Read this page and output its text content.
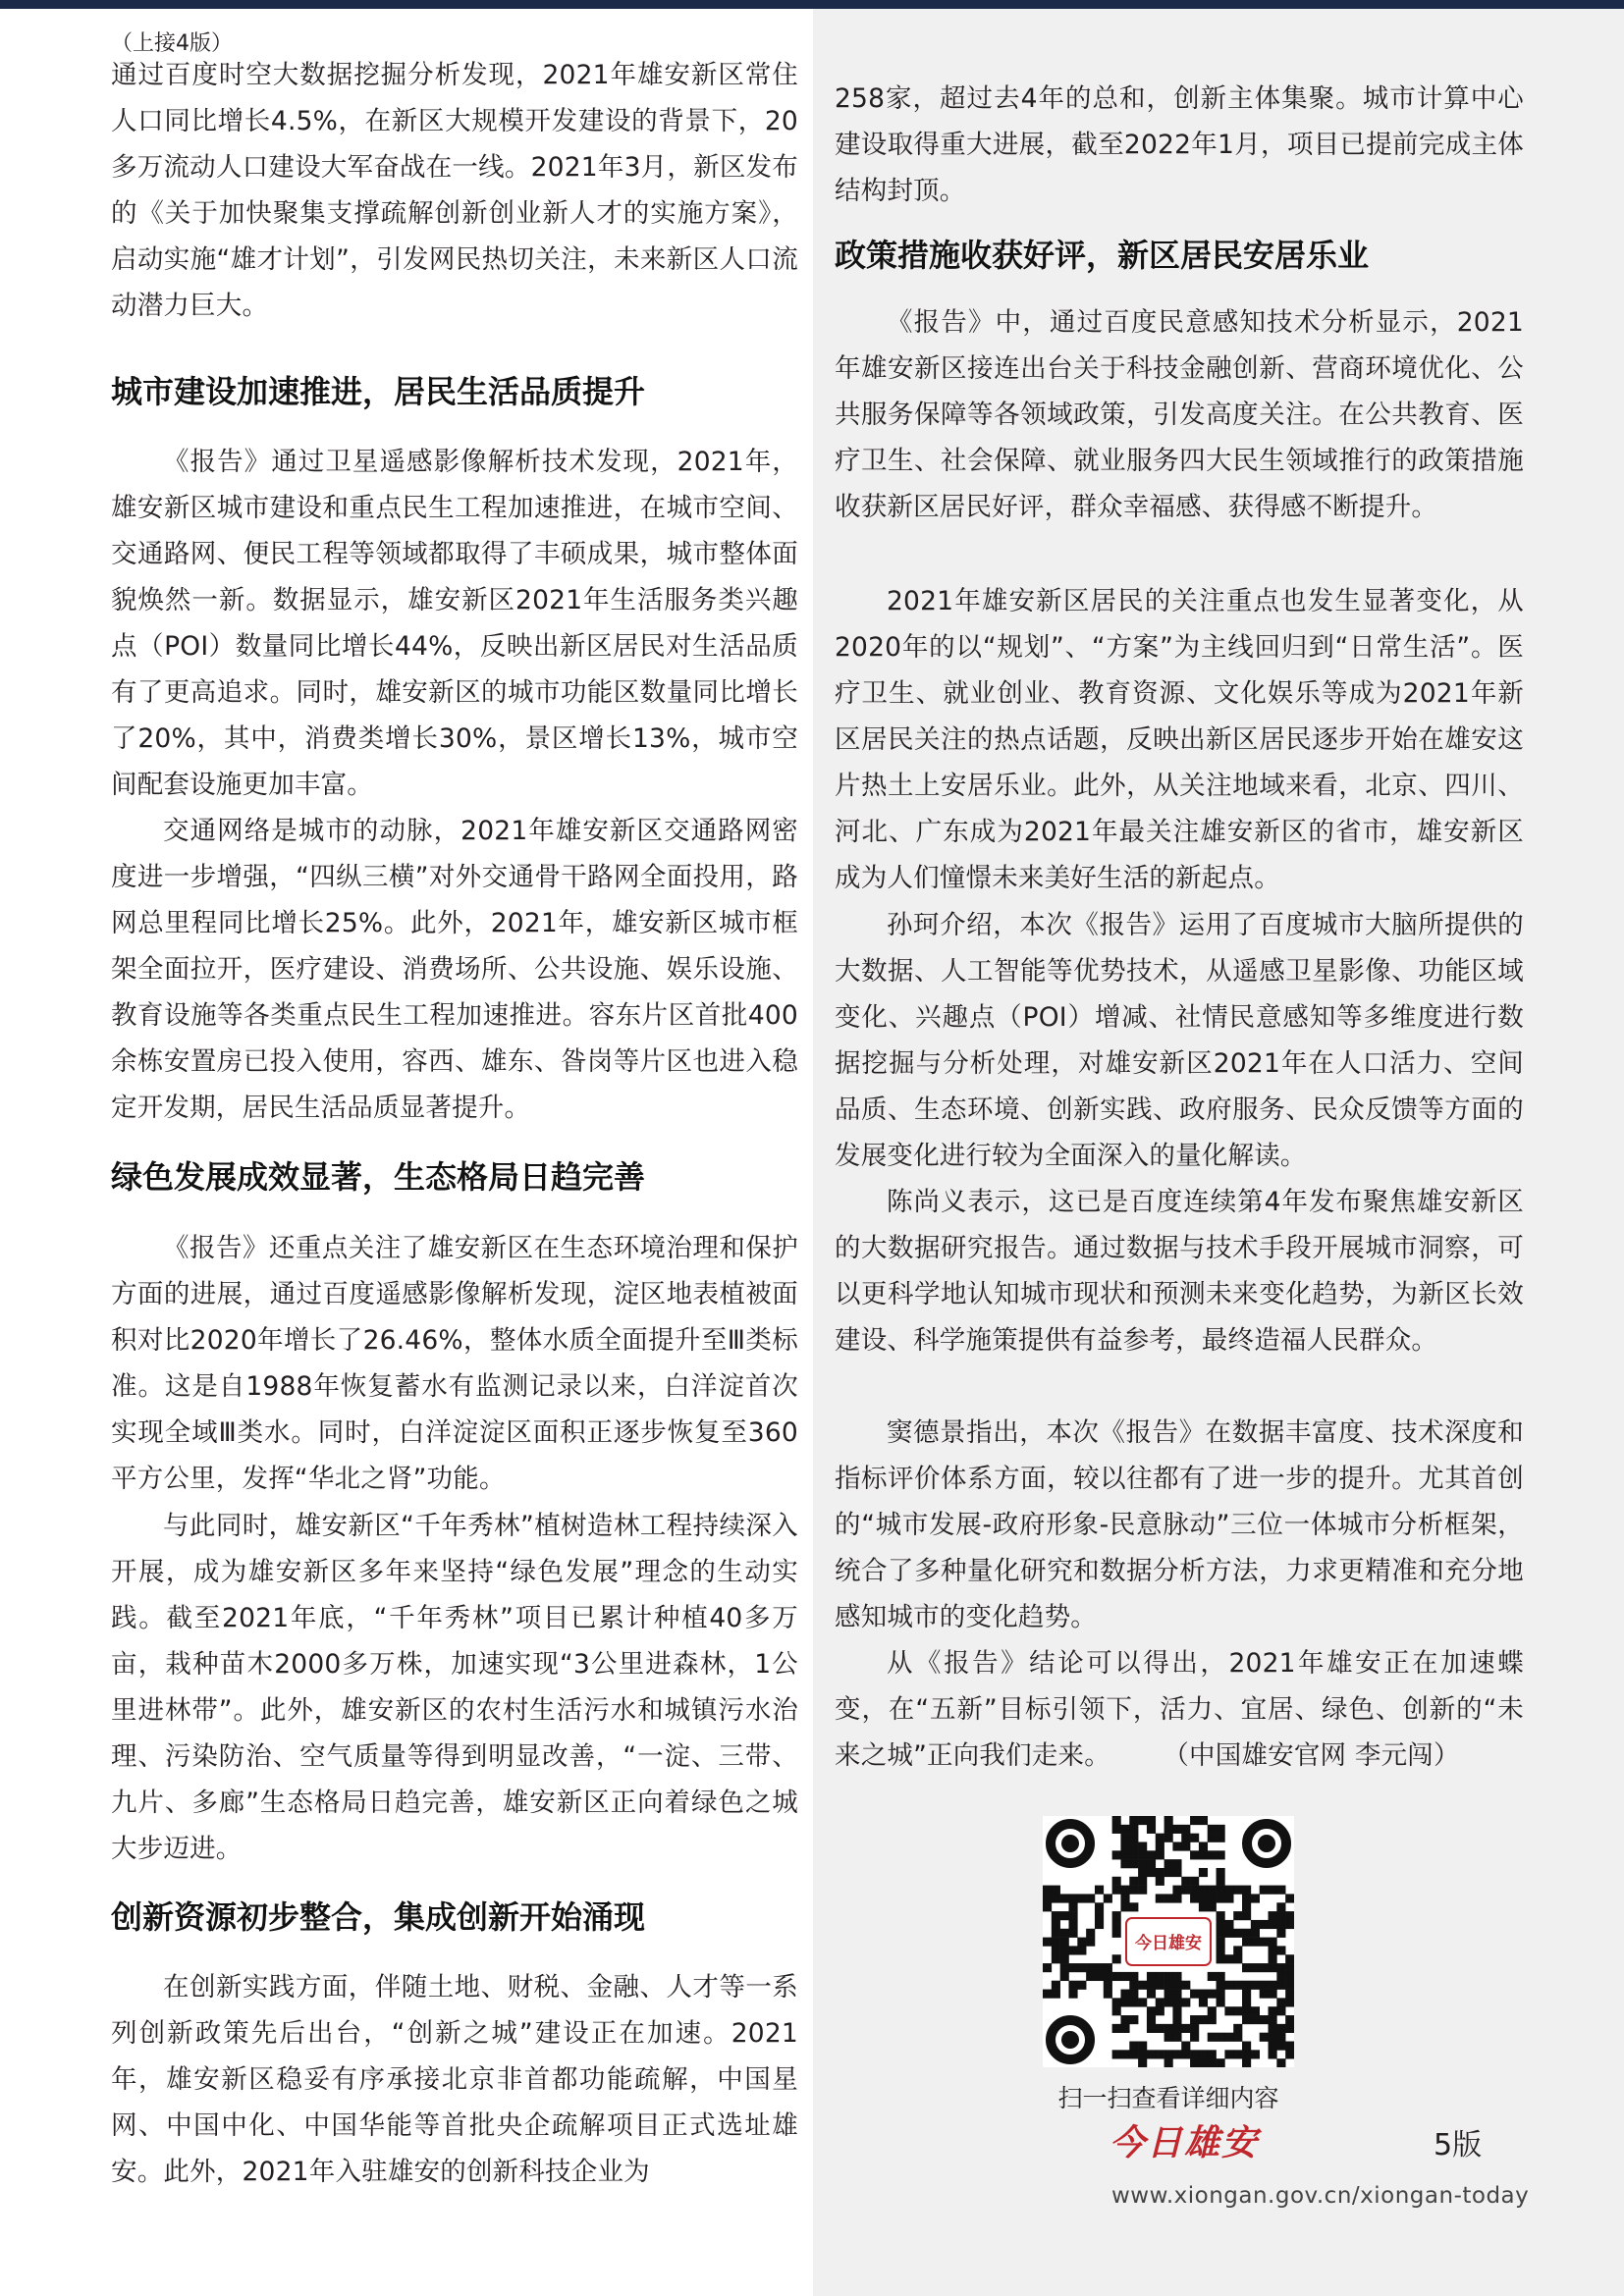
（上接4版）

通过百度时空大数据挖掘分析发现，2021年雄安新区常住人口同比增长4.5%，在新区大规模开发建设的背景下，20多万流动人口建设大军奋战在一线。2021年3月，新区发布的《关于加快聚集支撑疏解创新创业新人才的实施方案》，启动实施“雄才计划”，引发网民热切关注，未来新区人口流动潜力巨大。

城市建设加速推进，居民生活品质提升

《报告》通过卫星遥感影像解析技术发现，2021年，雄安新区城市建设和重点民生工程加速推进，在城市空间、交通路网、便民工程等领域都取得了丰硕成果，城市整体面貌焕然一新。数据显示，雄安新区2021年生活服务类兴趣点（POI）数量同比增长44%，反映出新区居民对生活品质有了更高追求。同时，雄安新区的城市功能区数量同比增长了20%，其中，消费类增长30%，景区增长13%，城市空间配套设施更加丰富。

交通网络是城市的动脉，2021年雄安新区交通路网密度进一步增强，“四纵三横”对外交通骨干路网全面投用，路网总里程同比增长25%。此外，2021年，雄安新区城市框架全面拉开，医疗建设、消费场所、公共设施、娱乐设施、教育设施等各类重点民生工程加速推进。容东片区首批400余栋安置房已投入使用，容西、雄东、昝岗等片区也进入稳定开发期，居民生活品质显著提升。

绿色发展成效显著，生态格局日趋完善

《报告》还重点关注了雄安新区在生态环境治理和保护方面的进展，通过百度遥感影像解析发现，淀区地表植被面积对比2020年增长了26.46%，整体水质全面提升至Ⅲ类标准。这是自1988年恢复蓄水有监测记录以来，白洋淀首次实现全域Ⅲ类水。同时，白洋淀淀区面积正逐步恢复至360平方公里，发挥“华北之肾”功能。

与此同时，雄安新区“千年秀林”植树造林工程持续深入开展，成为雄安新区多年来坚持“绿色发展”理念的生动实践。截至2021年底，“千年秀林”项目已累计种植40多万亩，栽种苗木2000多万株，加速实现“3公里进森林，1公里进林带”。此外，雄安新区的农村生活污水和城镇污水治理、污染防治、空气质量等得到明显改善，“一淀、三带、九片、多廊”生态格局日趋完善，雄安新区正向着绿色之城大步迈进。

创新资源初步整合，集成创新开始涌现

在创新实践方面，伴随土地、财税、金融、人才等一系列创新政策先后出台，“创新之城”建设正在加速。2021年，雄安新区稳妥有序承接北京非首都功能疏解，中国星网、中国中化、中国华能等首批央企疏解项目正式选址雄安。此外，2021年入驻雄安的创新科技企业为

258家，超过去4年的总和，创新主体集聚。城市计算中心建设取得重大进展，截至2022年1月，项目已提前完成主体结构封顶。

政策措施收获好评，新区居民安居乐业

《报告》中，通过百度民意感知技术分析显示，2021年雄安新区接连出台关于科技金融创新、营商环境优化、公共服务保障等各领域政策，引发高度关注。在公共教育、医疗卫生、社会保障、就业服务四大民生领域推行的政策措施收获新区居民好评，群众幸福感、获得感不断提升。

2021年雄安新区居民的关注重点也发生显著变化，从2020年的以“规划”、“方案”为主线回归到“日常生活”。医疗卫生、就业创业、教育资源、文化娱乐等成为2021年新区居民关注的热点话题，反映出新区居民逐步开始在雄安这片热土上安居乐业。此外，从关注地域来看，北京、四川、河北、广东成为2021年最关注雄安新区的省市，雄安新区成为人们憧憬未来美好生活的新起点。

孙珂介绍，本次《报告》运用了百度城市大脑所提供的大数据、人工智能等优势技术，从遥感卫星影像、功能区域变化、兴趣点（POI）增减、社情民意感知等多维度进行数据挖掘与分析处理，对雄安新区2021年在人口活力、空间品质、生态环境、创新实践、政府服务、民众反馈等方面的发展变化进行较为全面深入的量化解读。

陈尚义表示，这已是百度连续第4年发布聚焦雄安新区的大数据研究报告。通过数据与技术手段开展城市洞察，可以更科学地认知城市现状和预测未来变化趋势，为新区长效建设、科学施策提供有益参考，最终造福人民群众。

窦德景指出，本次《报告》在数据丰富度、技术深度和指标评价体系方面，较以往都有了进一步的提升。尤其首创的“城市发展-政府形象-民意脉动”三位一体城市分析框架，统合了多种量化研究和数据分析方法，力求更精准和充分地感知城市的变化趋势。

从《报告》结论可以得出，2021年雄安正在加速蝶变，在“五新”目标引领下，活力、宜居、绿色、创新的“未来之城”正向我们走来。   （中国雄安官网 李元闯）

今日雄安
扫一扫查看详细内容
今日雄安	5版
www.xiongan.gov.cn/xiongan-today
